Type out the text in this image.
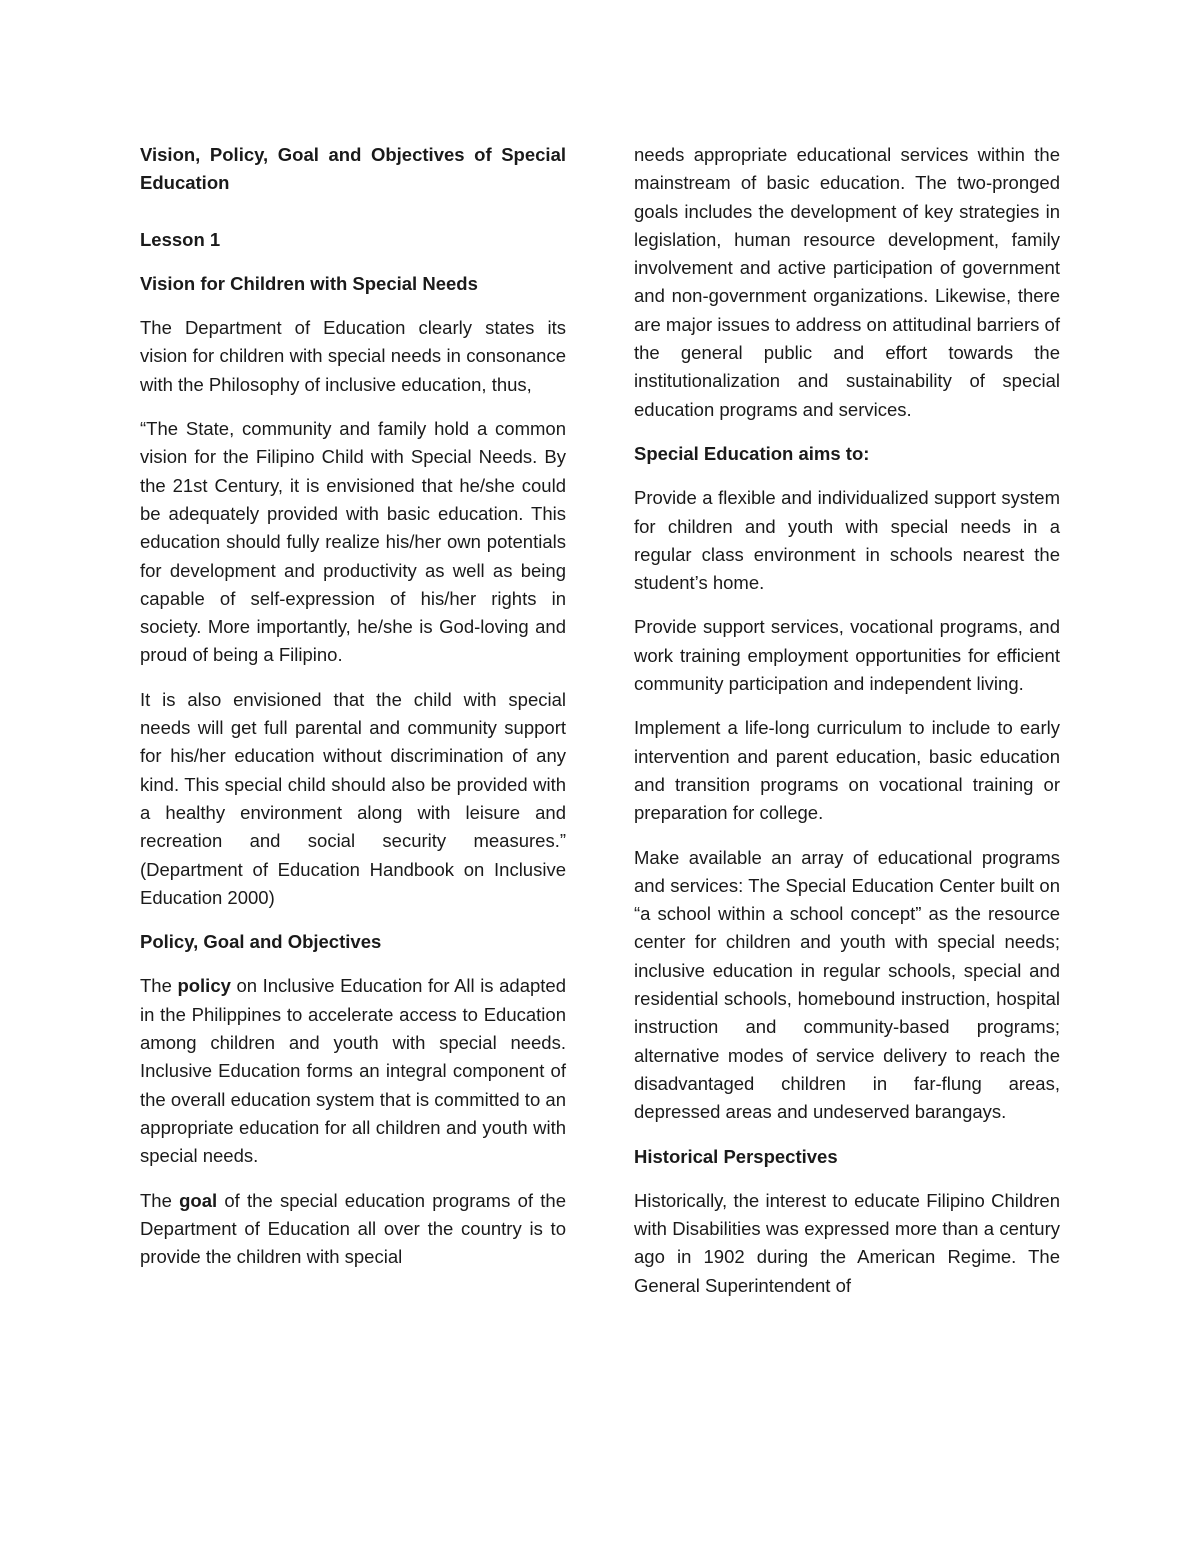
Vision, Policy, Goal and Objectives of Special Education

Lesson 1

Vision for Children with Special Needs

The Department of Education clearly states its vision for children with special needs in consonance with the Philosophy of inclusive education, thus,

“The State, community and family hold a common vision for the Filipino Child with Special Needs. By the 21st Century, it is envisioned that he/she could be adequately provided with basic education. This education should fully realize his/her own potentials for development and productivity as well as being capable of self-expression of his/her rights in society. More importantly, he/she is God-loving and proud of being a Filipino.

It is also envisioned that the child with special needs will get full parental and community support for his/her education without discrimination of any kind. This special child should also be provided with a healthy environment along with leisure and recreation and social security measures.” (Department of Education Handbook on Inclusive Education 2000)

Policy, Goal and Objectives

The policy on Inclusive Education for All is adapted in the Philippines to accelerate access to Education among children and youth with special needs. Inclusive Education forms an integral component of the overall education system that is committed to an appropriate education for all children and youth with special needs.

The goal of the special education programs of the Department of Education all over the country is to provide the children with special

needs appropriate educational services within the mainstream of basic education. The two-pronged goals includes the development of key strategies in legislation, human resource development, family involvement and active participation of government and non-government organizations. Likewise, there are major issues to address on attitudinal barriers of the general public and effort towards the institutionalization and sustainability of special education programs and services.

Special Education aims to:

Provide a flexible and individualized support system for children and youth with special needs in a regular class environment in schools nearest the student’s home.

Provide support services, vocational programs, and work training employment opportunities for efficient community participation and independent living.

Implement a life-long curriculum to include to early intervention and parent education, basic education and transition programs on vocational training or preparation for college.

Make available an array of educational programs and services: The Special Education Center built on “a school within a school concept” as the resource center for children and youth with special needs; inclusive education in regular schools, special and residential schools, homebound instruction, hospital instruction and community-based programs; alternative modes of service delivery to reach the disadvantaged children in far-flung areas, depressed areas and undeserved barangays.

Historical Perspectives

Historically, the interest to educate Filipino Children with Disabilities was expressed more than a century ago in 1902 during the American Regime. The General Superintendent of
